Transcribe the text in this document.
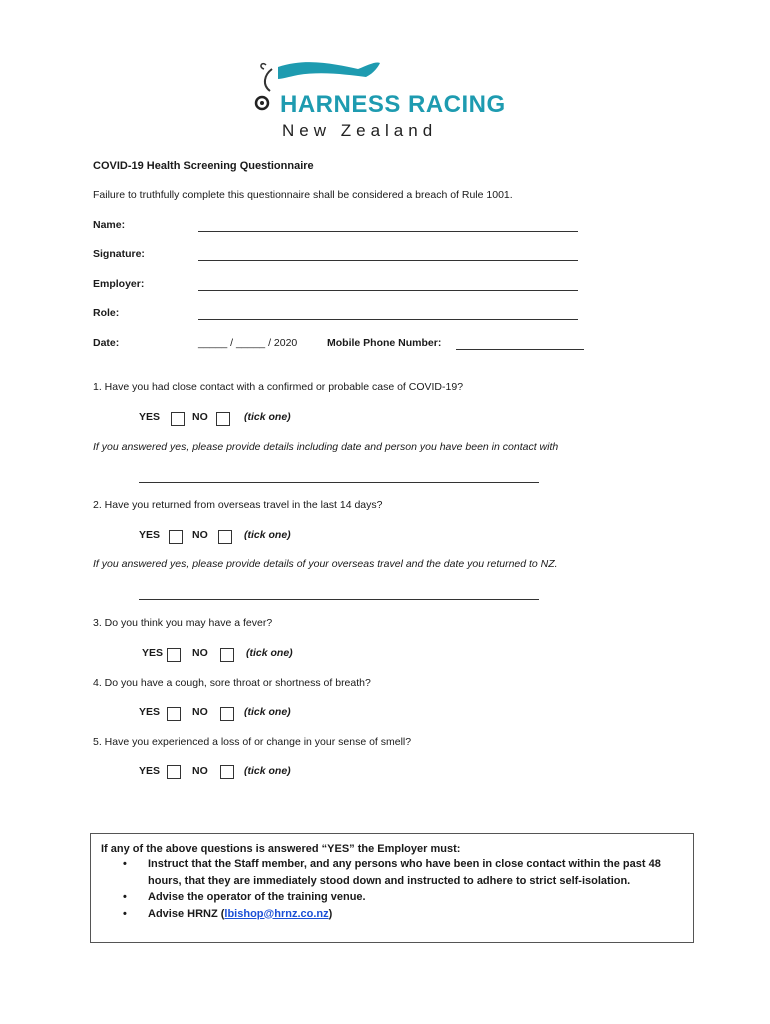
HARNESS RACING
New Zealand
COVID-19 Health Screening Questionnaire
Failure to truthfully complete this questionnaire shall be considered a breach of Rule 1001.
Name:
Signature:
Employer:
Role:
Date:	_____ / _____ / 2020	Mobile Phone Number:
1. Have you had close contact with a confirmed or probable case of COVID-19?
YES	NO	(tick one)
If you answered yes, please provide details including date and person you have been in contact with
2. Have you returned from overseas travel in the last 14 days?
YES	NO	(tick one)
If you answered yes, please provide details of your overseas travel and the date you returned to NZ.
3. Do you think you may have a fever?
YES	NO	(tick one)
4. Do you have a cough, sore throat or shortness of breath?
YES	NO	(tick one)
5. Have you experienced a loss of or change in your sense of smell?
YES	NO	(tick one)
If any of the above questions is answered “YES” the Employer must:
• Instruct that the Staff member, and any persons who have been in close contact within the past 48 hours, that they are immediately stood down and instructed to adhere to strict self-isolation.
• Advise the operator of the training venue.
• Advise HRNZ (lbishop@hrnz.co.nz)
